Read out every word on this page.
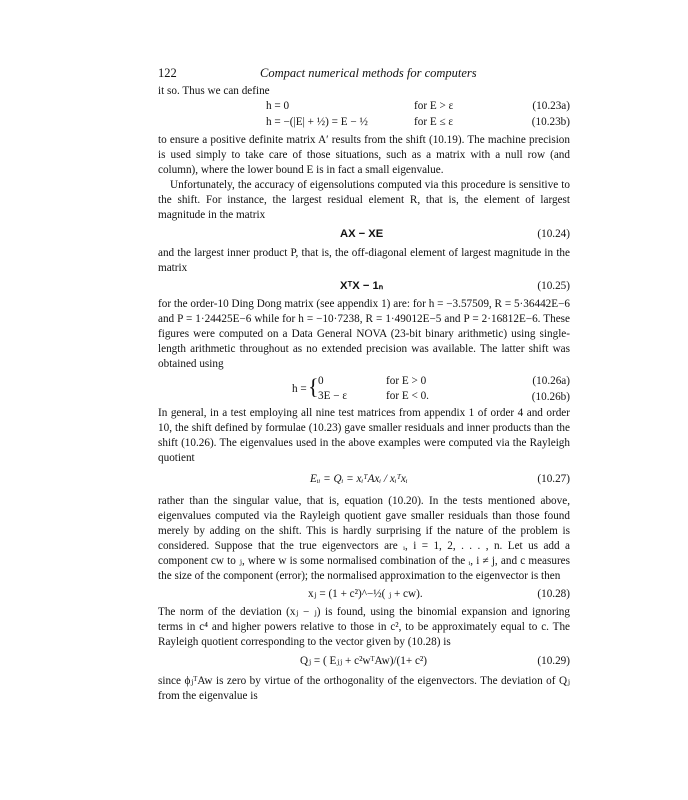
122	Compact numerical methods for computers

it so. Thus we can define

h = 0	for E > ε	(10.23a)
h = −(|E| + ½) = E − ½	for E ≤ ε	(10.23b)

to ensure a positive definite matrix A′ results from the shift (10.19). The machine precision is used simply to take care of those situations, such as a matrix with a null row (and column), where the lower bound E is in fact a small eigenvalue.

Unfortunately, the accuracy of eigensolutions computed via this procedure is sensitive to the shift. For instance, the largest residual element R, that is, the element of largest magnitude in the matrix

AX − XE	(10.24)

and the largest inner product P, that is, the off-diagonal element of largest magnitude in the matrix

XᵀX − 1ₙ	(10.25)

for the order-10 Ding Dong matrix (see appendix 1) are: for h = −3.57509, R = 5·36442E−6 and P = 1·24425E−6 while for h = −10·7238, R = 1·49012E−5 and P = 2·16812E−6. These figures were computed on a Data General NOVA (23-bit binary arithmetic) using single-length arithmetic throughout as no extended precision was available. The latter shift was obtained using

h = { 0	for E > 0	(10.26a)
3E − ε	for E < 0.	(10.26b)

In general, in a test employing all nine test matrices from appendix 1 of order 4 and order 10, the shift defined by formulae (10.23) gave smaller residuals and inner products than the shift (10.26). The eigenvalues used in the above examples were computed via the Rayleigh quotient

Eᵢᵢ = Qᵢ = xᵢᵀAxᵢ / xᵢᵀxᵢ	(10.27)

rather than the singular value, that is, equation (10.20). In the tests mentioned above, eigenvalues computed via the Rayleigh quotient gave smaller residuals than those found merely by adding on the shift. This is hardly surprising if the nature of the problem is considered. Suppose that the true eigenvectors are ᵢ, i = 1, 2, . . . , n. Let us add a component cw to ⱼ, where w is some normalised combination of the ᵢ, i ≠ j, and c measures the size of the component (error); the normalised approximation to the eigenvector is then

xⱼ = (1 + c²)^−½( ⱼ + cw).	(10.28)

The norm of the deviation (xⱼ − ⱼ) is found, using the binomial expansion and ignoring terms in c⁴ and higher powers relative to those in c², to be approximately equal to c. The Rayleigh quotient corresponding to the vector given by (10.28) is

Qⱼ = ( Eⱼⱼ + c²wᵀAw)/(1+ c²)	(10.29)

since ϕⱼᵀAw is zero by virtue of the orthogonality of the eigenvectors. The deviation of Qⱼ from the eigenvalue is
